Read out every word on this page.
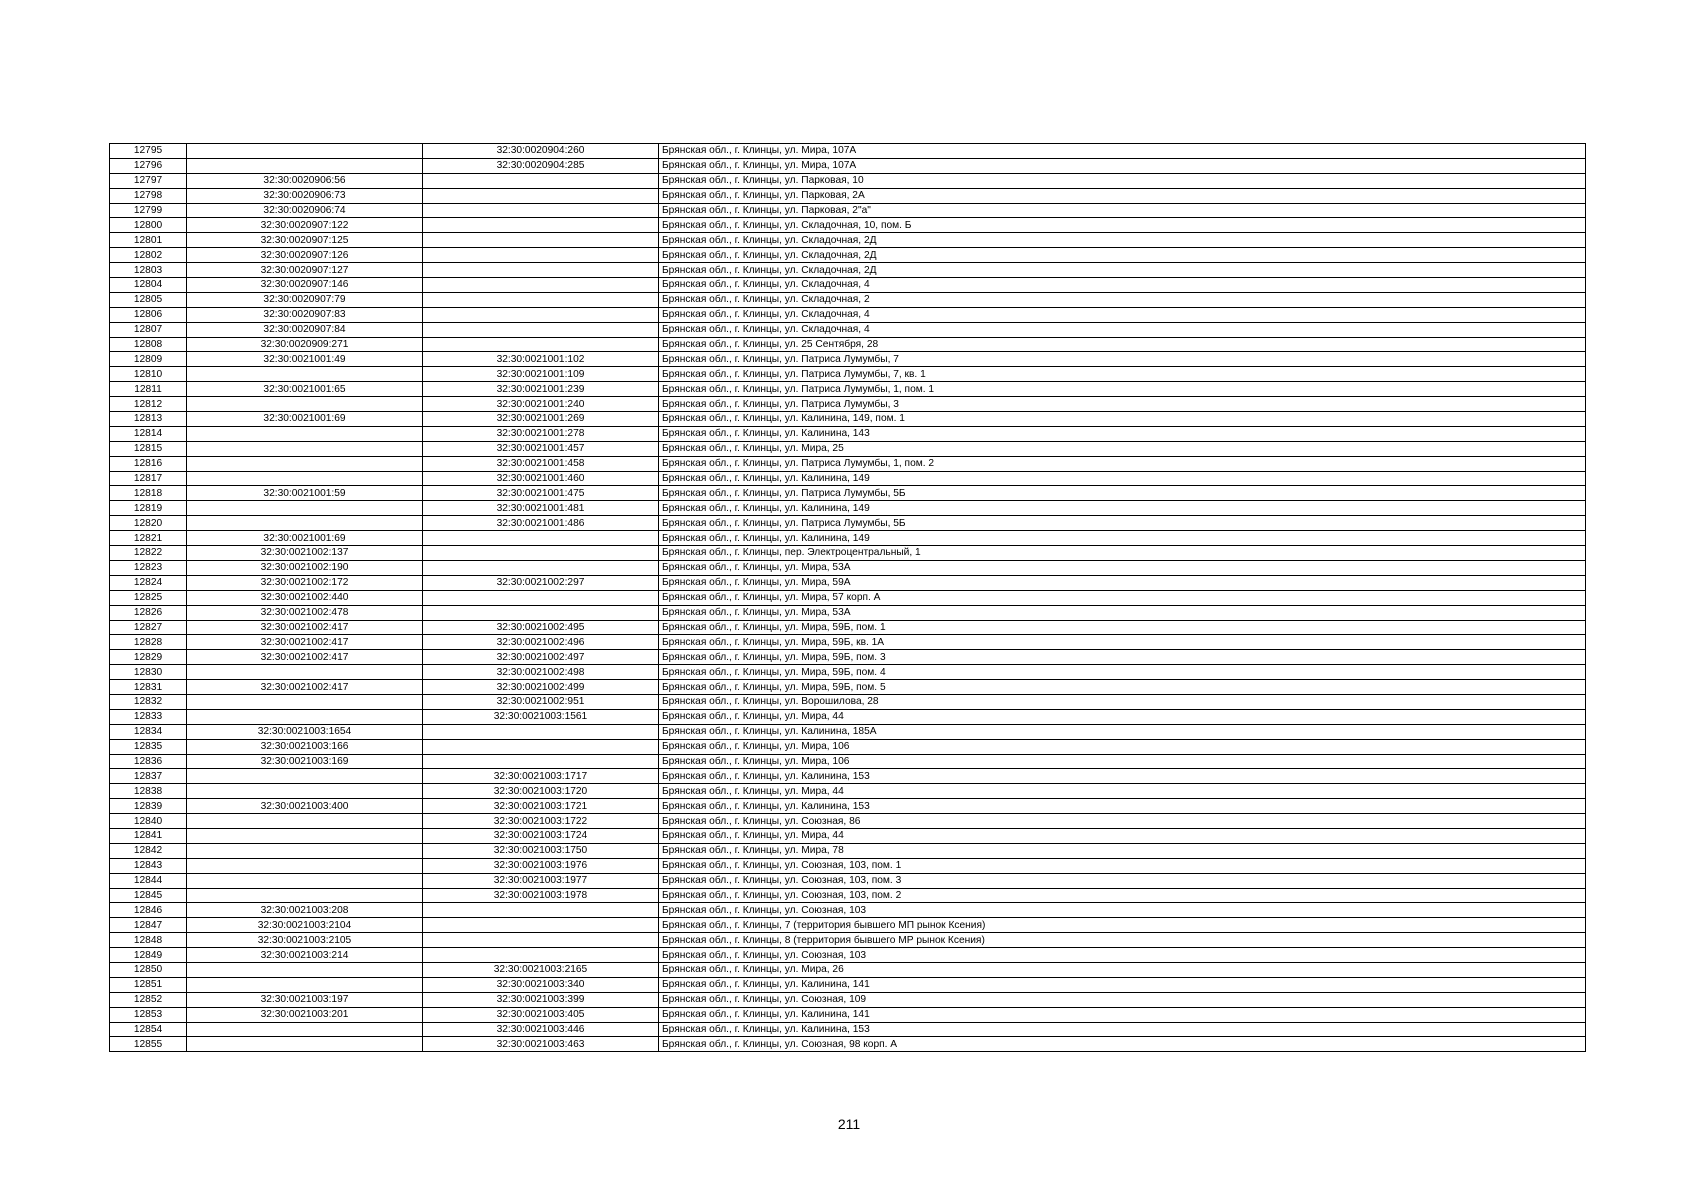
12795		32:30:0020904:260	Брянская обл., г. Клинцы, ул. Мира, 107А
12796		32:30:0020904:285	Брянская обл., г. Клинцы, ул. Мира, 107А
12797	32:30:0020906:56		Брянская обл., г. Клинцы, ул. Парковая, 10
12798	32:30:0020906:73		Брянская обл., г. Клинцы, ул. Парковая, 2А
12799	32:30:0020906:74		Брянская обл., г. Клинцы, ул. Парковая, 2"а"
12800	32:30:0020907:122		Брянская обл., г. Клинцы, ул. Складочная, 10, пом. Б
12801	32:30:0020907:125		Брянская обл., г. Клинцы, ул. Складочная, 2Д
12802	32:30:0020907:126		Брянская обл., г. Клинцы, ул. Складочная, 2Д
12803	32:30:0020907:127		Брянская обл., г. Клинцы, ул. Складочная, 2Д
12804	32:30:0020907:146		Брянская обл., г. Клинцы, ул. Складочная, 4
12805	32:30:0020907:79		Брянская обл., г. Клинцы, ул. Складочная, 2
12806	32:30:0020907:83		Брянская обл., г. Клинцы, ул. Складочная, 4
12807	32:30:0020907:84		Брянская обл., г. Клинцы, ул. Складочная, 4
12808	32:30:0020909:271		Брянская обл., г. Клинцы, ул. 25 Сентября, 28
12809	32:30:0021001:49	32:30:0021001:102	Брянская обл., г. Клинцы, ул. Патриса Лумумбы, 7
12810		32:30:0021001:109	Брянская обл., г. Клинцы, ул. Патриса Лумумбы, 7, кв. 1
12811	32:30:0021001:65	32:30:0021001:239	Брянская обл., г. Клинцы, ул. Патриса Лумумбы, 1, пом. 1
12812		32:30:0021001:240	Брянская обл., г. Клинцы, ул. Патриса Лумумбы, 3
12813	32:30:0021001:69	32:30:0021001:269	Брянская обл., г. Клинцы, ул. Калинина, 149, пом. 1
12814		32:30:0021001:278	Брянская обл., г. Клинцы, ул. Калинина, 143
12815		32:30:0021001:457	Брянская обл., г. Клинцы, ул. Мира, 25
12816		32:30:0021001:458	Брянская обл., г. Клинцы, ул. Патриса Лумумбы, 1, пом. 2
12817		32:30:0021001:460	Брянская обл., г. Клинцы, ул. Калинина, 149
12818	32:30:0021001:59	32:30:0021001:475	Брянская обл., г. Клинцы, ул. Патриса Лумумбы, 5Б
12819		32:30:0021001:481	Брянская обл., г. Клинцы, ул. Калинина, 149
12820		32:30:0021001:486	Брянская обл., г. Клинцы, ул. Патриса Лумумбы, 5Б
12821	32:30:0021001:69		Брянская обл., г. Клинцы, ул. Калинина, 149
12822	32:30:0021002:137		Брянская обл., г. Клинцы, пер. Электроцентральный, 1
12823	32:30:0021002:190		Брянская обл., г. Клинцы, ул. Мира, 53А
12824	32:30:0021002:172	32:30:0021002:297	Брянская обл., г. Клинцы, ул. Мира, 59А
12825	32:30:0021002:440		Брянская обл., г. Клинцы, ул. Мира, 57 корп. А
12826	32:30:0021002:478		Брянская обл., г. Клинцы, ул. Мира, 53А
12827	32:30:0021002:417	32:30:0021002:495	Брянская обл., г. Клинцы, ул. Мира, 59Б, пом. 1
12828	32:30:0021002:417	32:30:0021002:496	Брянская обл., г. Клинцы, ул. Мира, 59Б, кв. 1А
12829	32:30:0021002:417	32:30:0021002:497	Брянская обл., г. Клинцы, ул. Мира, 59Б, пом. 3
12830		32:30:0021002:498	Брянская обл., г. Клинцы, ул. Мира, 59Б, пом. 4
12831	32:30:0021002:417	32:30:0021002:499	Брянская обл., г. Клинцы, ул. Мира, 59Б, пом. 5
12832		32:30:0021002:951	Брянская обл., г. Клинцы, ул. Ворошилова, 28
12833		32:30:0021003:1561	Брянская обл., г. Клинцы, ул. Мира, 44
12834	32:30:0021003:1654		Брянская обл., г. Клинцы, ул. Калинина, 185А
12835	32:30:0021003:166		Брянская обл., г. Клинцы, ул. Мира, 106
12836	32:30:0021003:169		Брянская обл., г. Клинцы, ул. Мира, 106
12837		32:30:0021003:1717	Брянская обл., г. Клинцы, ул. Калинина, 153
12838		32:30:0021003:1720	Брянская обл., г. Клинцы, ул. Мира, 44
12839	32:30:0021003:400	32:30:0021003:1721	Брянская обл., г. Клинцы, ул. Калинина, 153
12840		32:30:0021003:1722	Брянская обл., г. Клинцы, ул. Союзная, 86
12841		32:30:0021003:1724	Брянская обл., г. Клинцы, ул. Мира, 44
12842		32:30:0021003:1750	Брянская обл., г. Клинцы, ул. Мира, 78
12843		32:30:0021003:1976	Брянская обл., г. Клинцы, ул. Союзная, 103, пом. 1
12844		32:30:0021003:1977	Брянская обл., г. Клинцы, ул. Союзная, 103, пом. 3
12845		32:30:0021003:1978	Брянская обл., г. Клинцы, ул. Союзная, 103, пом. 2
12846	32:30:0021003:208		Брянская обл., г. Клинцы, ул. Союзная, 103
12847	32:30:0021003:2104		Брянская обл., г. Клинцы, 7 (территория бывшего МП рынок Ксения)
12848	32:30:0021003:2105		Брянская обл., г. Клинцы, 8 (территория бывшего МР рынок Ксения)
12849	32:30:0021003:214		Брянская обл., г. Клинцы, ул. Союзная, 103
12850		32:30:0021003:2165	Брянская обл., г. Клинцы, ул. Мира, 26
12851		32:30:0021003:340	Брянская обл., г. Клинцы, ул. Калинина, 141
12852	32:30:0021003:197	32:30:0021003:399	Брянская обл., г. Клинцы, ул. Союзная, 109
12853	32:30:0021003:201	32:30:0021003:405	Брянская обл., г. Клинцы, ул. Калинина, 141
12854		32:30:0021003:446	Брянская обл., г. Клинцы, ул. Калинина, 153
12855		32:30:0021003:463	Брянская обл., г. Клинцы, ул. Союзная, 98 корп. А
211
